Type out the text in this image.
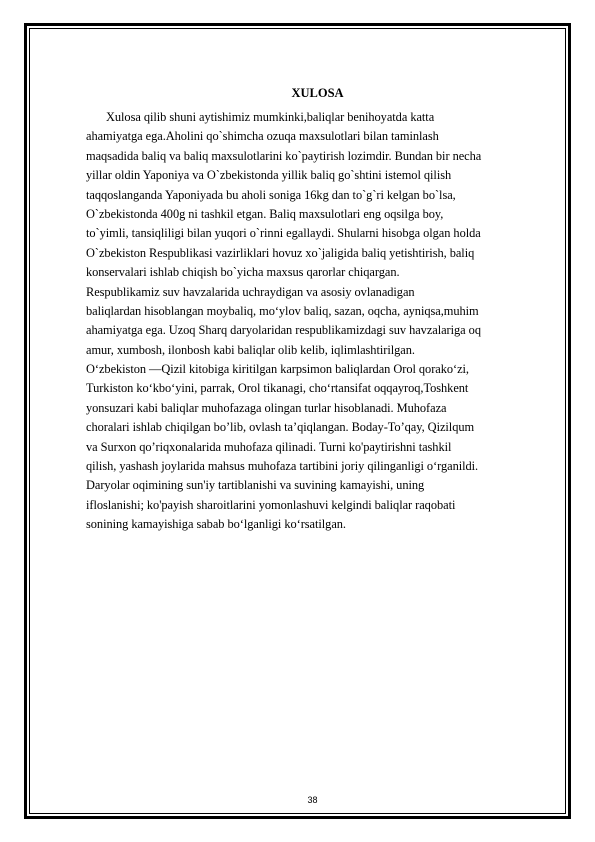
XULOSA
Xulosa qilib shuni aytishimiz mumkinki,baliqlar benihoyatda katta
ahamiyatga ega.Aholini qo`shimcha ozuqa maxsulotlari bilan taminlash
maqsadida baliq va baliq maxsulotlarini ko`paytirish lozimdir. Bundan bir necha
yillar oldin Yaponiya va O`zbekistonda yillik baliq go`shtini istemol qilish
taqqoslanganda Yaponiyada bu aholi soniga 16kg dan to`g`ri kelgan bo`lsa,
O`zbekistonda 400g ni tashkil etgan. Baliq maxsulotlari eng oqsilga boy,
to`yimli, tansiqliligi bilan yuqori o`rinni egallaydi. Shularni hisobga olgan holda
O`zbekiston Respublikasi vazirliklari hovuz xo`jaligida baliq yetishtirish, baliq
konservalari ishlab chiqish bo`yicha maxsus qarorlar chiqargan.
Respublikamiz suv havzalarida uchraydigan va asosiy ovlanadigan
baliqlardan hisoblangan moybaliq, mo‘ylov baliq, sazan, oqcha, ayniqsa,muhim
ahamiyatga ega. Uzoq Sharq daryolaridan respublikamizdagi suv havzalariga oq
amur, xumbosh, ilonbosh kabi baliqlar olib kelib, iqlimlashtirilgan.
O‘zbekiston ―Qizil kitobiga kiritilgan karpsimon baliqlardan Orol qorako‘zi,
Turkiston ko‘kbo‘yini, parrak, Orol tikanagi, cho‘rtansifat oqqayroq,Toshkent
yonsuzari kabi baliqlar muhofazaga olingan turlar hisoblanadi. Muhofaza
choralari ishlab chiqilgan bo’lib, ovlash ta’qiqlangan. Boday-To’qay, Qizilqum
va Surxon qo’riqxonalarida muhofaza qilinadi. Turni ko'paytirishni tashkil
qilish, yashash joylarida mahsus muhofaza tartibini joriy qilinganligi o‘rganildi.
Daryolar oqimining sun'iy tartiblanishi va suvining kamayishi, uning
ifloslanishi; ko'payish sharoitlarini yomonlashuvi kelgindi baliqlar raqobati
sonining kamayishiga sabab bo‘lganligi ko‘rsatilgan.
38
